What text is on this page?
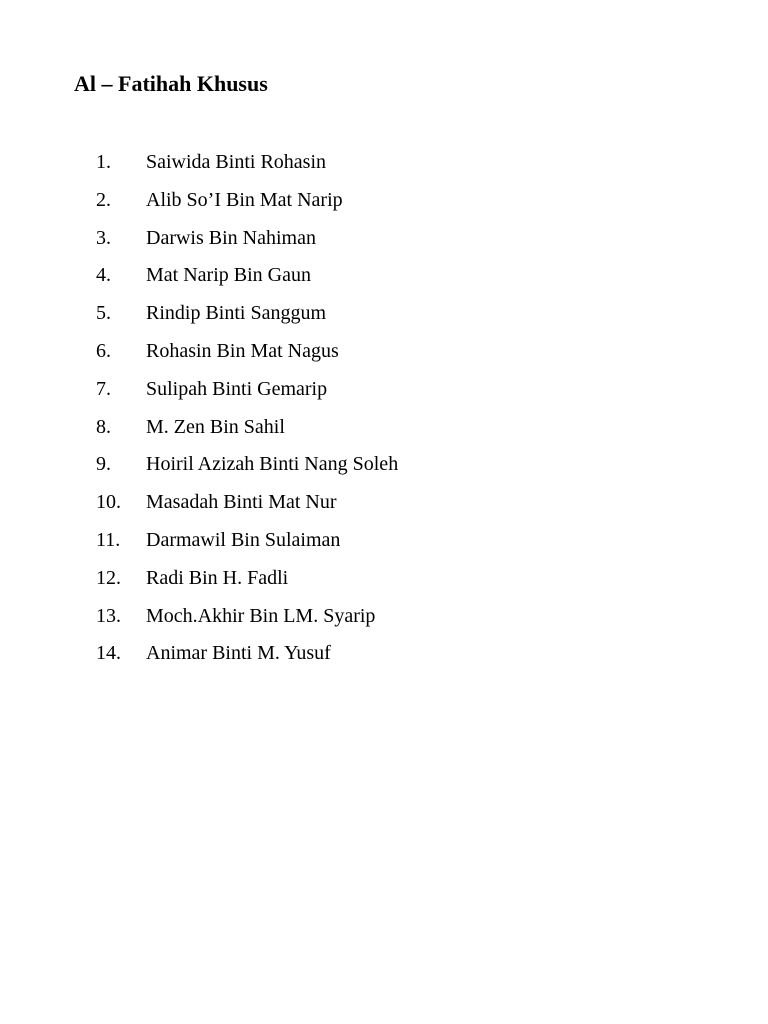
Al – Fatihah Khusus
1. Saiwida Binti Rohasin
2. Alib So’I Bin Mat Narip
3. Darwis Bin Nahiman
4. Mat Narip Bin Gaun
5. Rindip Binti Sanggum
6. Rohasin Bin Mat Nagus
7. Sulipah Binti Gemarip
8. M. Zen Bin Sahil
9. Hoiril Azizah Binti Nang Soleh
10. Masadah Binti Mat Nur
11. Darmawil Bin Sulaiman
12. Radi Bin H. Fadli
13. Moch.Akhir Bin LM. Syarip
14. Animar Binti M. Yusuf
